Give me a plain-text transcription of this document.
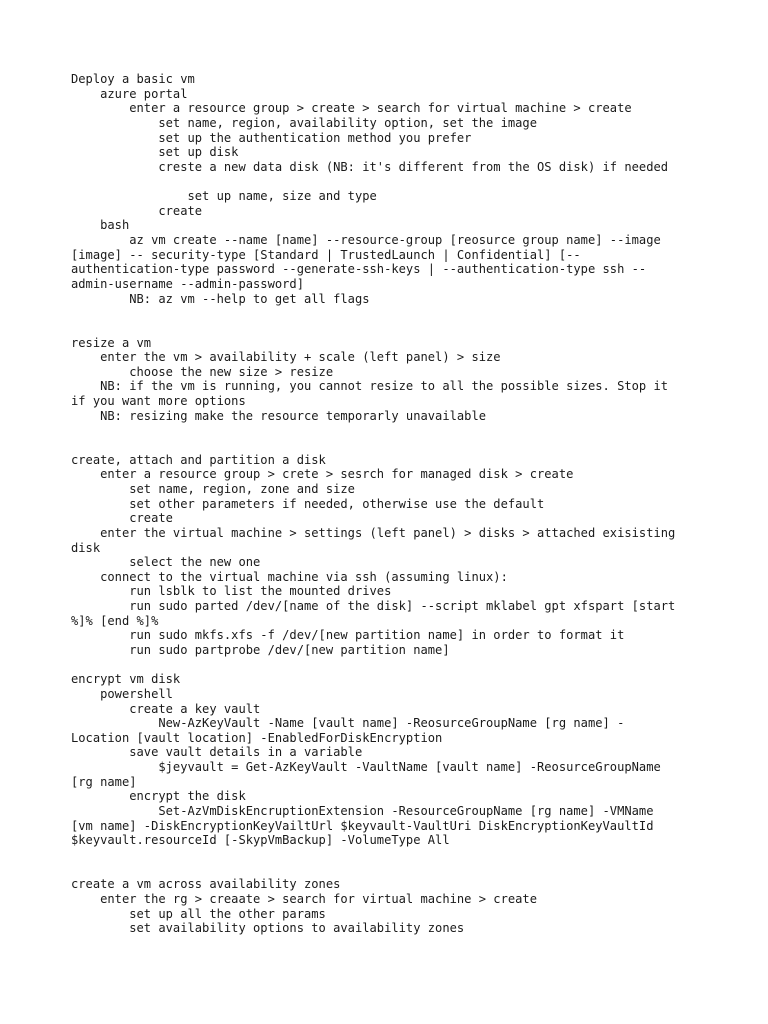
Deploy a basic vm
azure portal
enter a resource group > create > search for virtual machine > create
set name, region, availability option, set the image
set up the authentication method you prefer
set up disk
creste a new data disk (NB: it's different from the OS disk) if needed
set up name, size and type
create
bash
az vm create --name [name] --resource-group [reosurce group name] --image
[image] -- security-type [Standard | TrustedLaunch | Confidential] [--
authentication-type password --generate-ssh-keys | --authentication-type ssh --
admin-username --admin-password]
NB: az vm --help to get all flags
resize a vm
enter the vm > availability + scale (left panel) > size
choose the new size > resize
NB: if the vm is running, you cannot resize to all the possible sizes. Stop it
if you want more options
NB: resizing make the resource temporarly unavailable
create, attach and partition a disk
enter a resource group > crete > sesrch for managed disk > create
set name, region, zone and size
set other parameters if needed, otherwise use the default
create
enter the virtual machine > settings (left panel) > disks > attached exisisting
disk
select the new one
connect to the virtual machine via ssh (assuming linux):
run lsblk to list the mounted drives
run sudo parted /dev/[name of the disk] --script mklabel gpt xfspart [start
%]% [end %]%
run sudo mkfs.xfs -f /dev/[new partition name] in order to format it
run sudo partprobe /dev/[new partition name]
encrypt vm disk
powershell
create a key vault
New-AzKeyVault -Name [vault name] -ReosurceGroupName [rg name] -
Location [vault location] -EnabledForDiskEncryption
save vault details in a variable
$jeyvault = Get-AzKeyVault -VaultName [vault name] -ReosurceGroupName
[rg name]
encrypt the disk
Set-AzVmDiskEncruptionExtension -ResourceGroupName [rg name] -VMName
[vm name] -DiskEncryptionKeyVailtUrl $keyvault-VaultUri DiskEncryptionKeyVaultId
$keyvault.resourceId [-SkypVmBackup] -VolumeType All
create a vm across availability zones
enter the rg > creaate > search for virtual machine > create
set up all the other params
set availability options to availability zones
